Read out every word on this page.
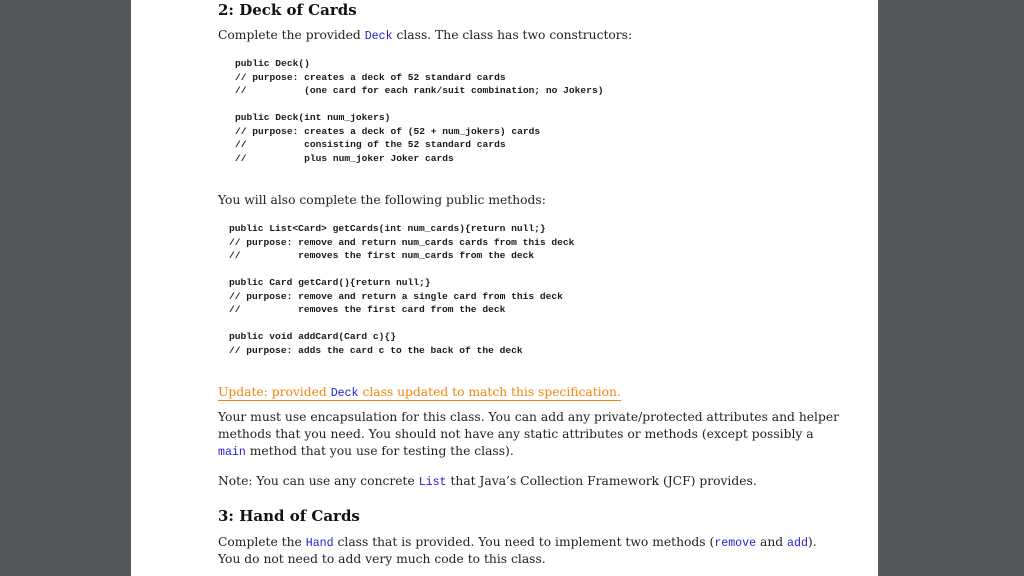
2: Deck of Cards
Complete the provided Deck class. The class has two constructors:
public Deck()
// purpose: creates a deck of 52 standard cards
//          (one card for each rank/suit combination; no Jokers)

public Deck(int num_jokers)
// purpose: creates a deck of (52 + num_jokers) cards
//          consisting of the 52 standard cards
//          plus num_joker Joker cards
You will also complete the following public methods:
public List<Card> getCards(int num_cards){return null;}
// purpose: remove and return num_cards cards from this deck
//          removes the first num_cards from the deck

public Card getCard(){return null;}
// purpose: remove and return a single card from this deck
//          removes the first card from the deck

public void addCard(Card c){}
// purpose: adds the card c to the back of the deck
Update: provided Deck class updated to match this specification.
Your must use encapsulation for this class. You can add any private/protected attributes and helper
methods that you need. You should not have any static attributes or methods (except possibly a
main method that you use for testing the class).
Note: You can use any concrete List that Java’s Collection Framework (JCF) provides.
3: Hand of Cards
Complete the Hand class that is provided. You need to implement two methods (remove and add).
You do not need to add very much code to this class.
